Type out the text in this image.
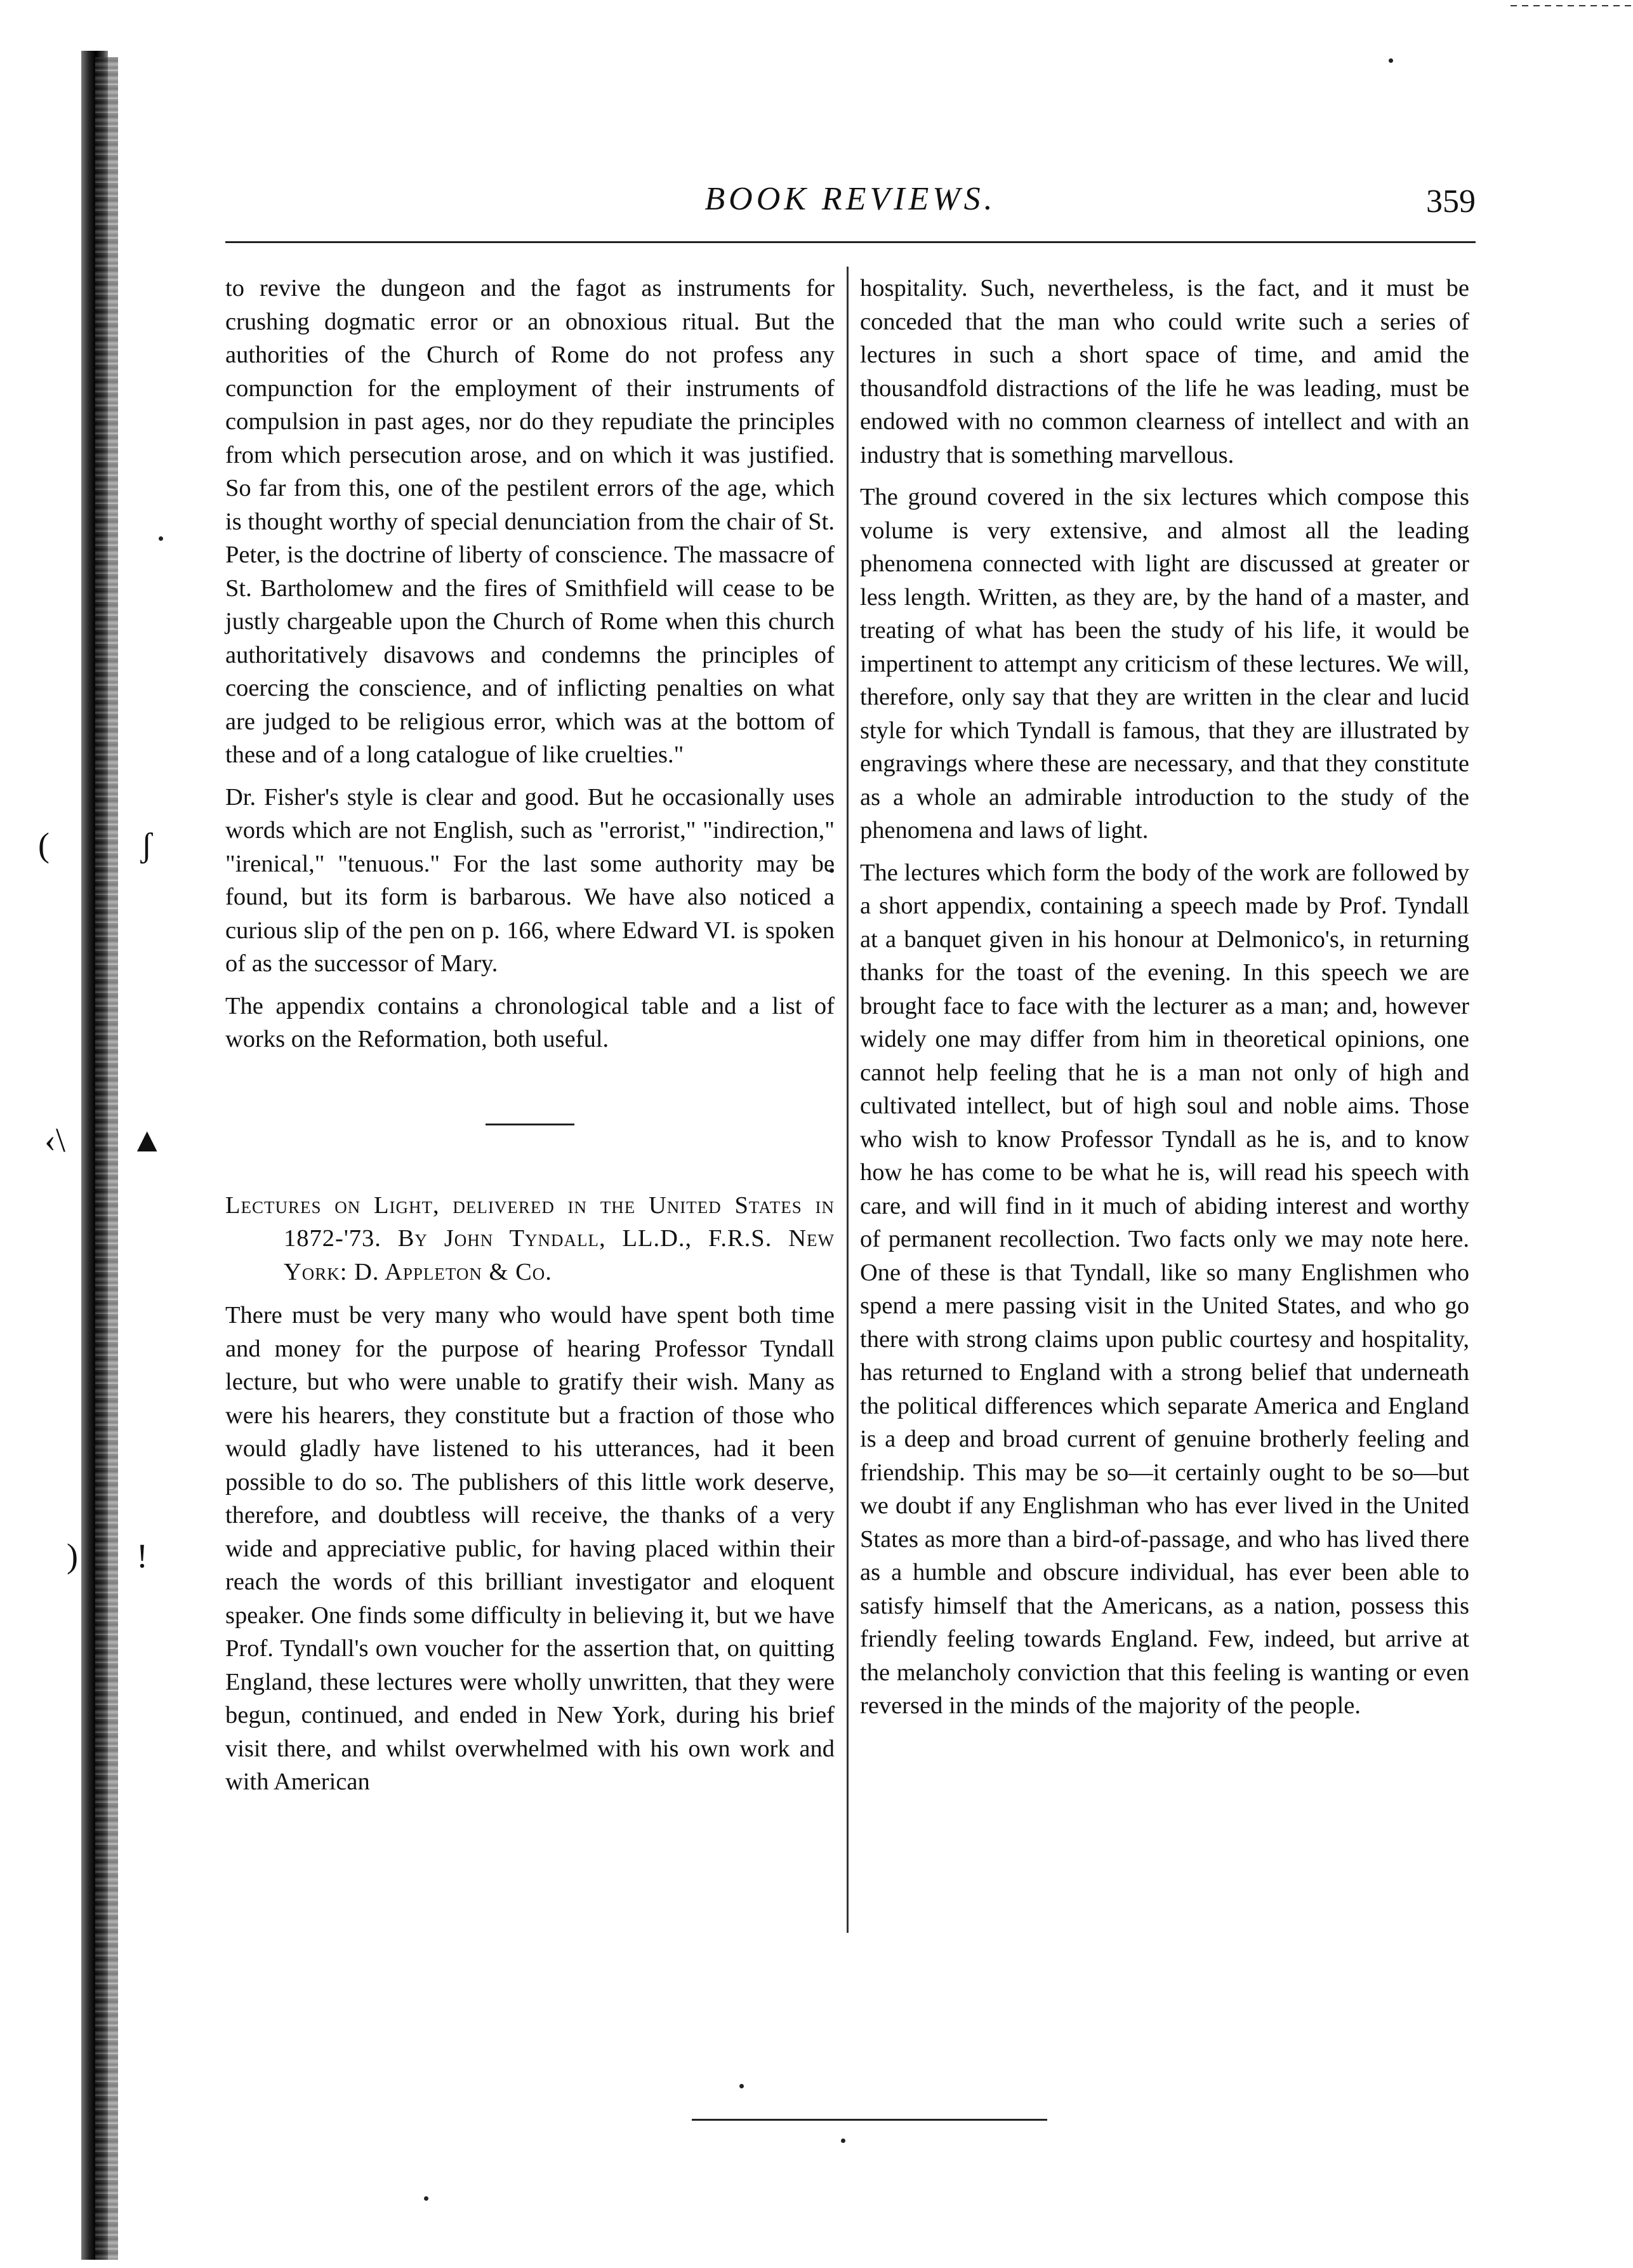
(	ʃ
‹\ ▲
) !
BOOK REVIEWS.	359

to revive the dungeon and the fagot as instruments for crushing dogmatic error or an obnoxious ritual. But the authorities of the Church of Rome do not profess any compunction for the employment of their instruments of compulsion in past ages, nor do they repudiate the principles from which persecution arose, and on which it was justified. So far from this, one of the pestilent errors of the age, which is thought worthy of special denunciation from the chair of St. Peter, is the doctrine of liberty of conscience. The massacre of St. Bartholomew and the fires of Smithfield will cease to be justly chargeable upon the Church of Rome when this church authoritatively disavows and condemns the principles of coercing the conscience, and of inflicting penalties on what are judged to be religious error, which was at the bottom of these and of a long catalogue of like cruelties."

Dr. Fisher's style is clear and good. But he occasionally uses words which are not English, such as "errorist," "indirection," "irenical," "tenuous." For the last some authority may be found, but its form is barbarous. We have also noticed a curious slip of the pen on p. 166, where Edward VI. is spoken of as the successor of Mary.

The appendix contains a chronological table and a list of works on the Reformation, both useful.

Lectures on Light, delivered in the United States in 1872-'73. By John Tyndall, LL.D., F.R.S. New York: D. Appleton & Co.

There must be very many who would have spent both time and money for the purpose of hearing Professor Tyndall lecture, but who were unable to gratify their wish. Many as were his hearers, they constitute but a fraction of those who would gladly have listened to his utterances, had it been possible to do so. The publishers of this little work deserve, therefore, and doubtless will receive, the thanks of a very wide and appreciative public, for having placed within their reach the words of this brilliant investigator and eloquent speaker. One finds some difficulty in believing it, but we have Prof. Tyndall's own voucher for the assertion that, on quitting England, these lectures were wholly unwritten, that they were begun, continued, and ended in New York, during his brief visit there, and whilst overwhelmed with his own work and with American

hospitality. Such, nevertheless, is the fact, and it must be conceded that the man who could write such a series of lectures in such a short space of time, and amid the thousandfold distractions of the life he was leading, must be endowed with no common clearness of intellect and with an industry that is something marvellous.

The ground covered in the six lectures which compose this volume is very extensive, and almost all the leading phenomena connected with light are discussed at greater or less length. Written, as they are, by the hand of a master, and treating of what has been the study of his life, it would be impertinent to attempt any criticism of these lectures. We will, therefore, only say that they are written in the clear and lucid style for which Tyndall is famous, that they are illustrated by engravings where these are necessary, and that they constitute as a whole an admirable introduction to the study of the phenomena and laws of light.

The lectures which form the body of the work are followed by a short appendix, containing a speech made by Prof. Tyndall at a banquet given in his honour at Delmonico's, in returning thanks for the toast of the evening. In this speech we are brought face to face with the lecturer as a man; and, however widely one may differ from him in theoretical opinions, one cannot help feeling that he is a man not only of high and cultivated intellect, but of high soul and noble aims. Those who wish to know Professor Tyndall as he is, and to know how he has come to be what he is, will read his speech with care, and will find in it much of abiding interest and worthy of permanent recollection. Two facts only we may note here. One of these is that Tyndall, like so many Englishmen who spend a mere passing visit in the United States, and who go there with strong claims upon public courtesy and hospitality, has returned to England with a strong belief that underneath the political differences which separate America and England is a deep and broad current of genuine brotherly feeling and friendship. This may be so—it certainly ought to be so—but we doubt if any Englishman who has ever lived in the United States as more than a bird-of-passage, and who has lived there as a humble and obscure individual, has ever been able to satisfy himself that the Americans, as a nation, possess this friendly feeling towards England. Few, indeed, but arrive at the melancholy conviction that this feeling is wanting or even reversed in the minds of the majority of the people.
